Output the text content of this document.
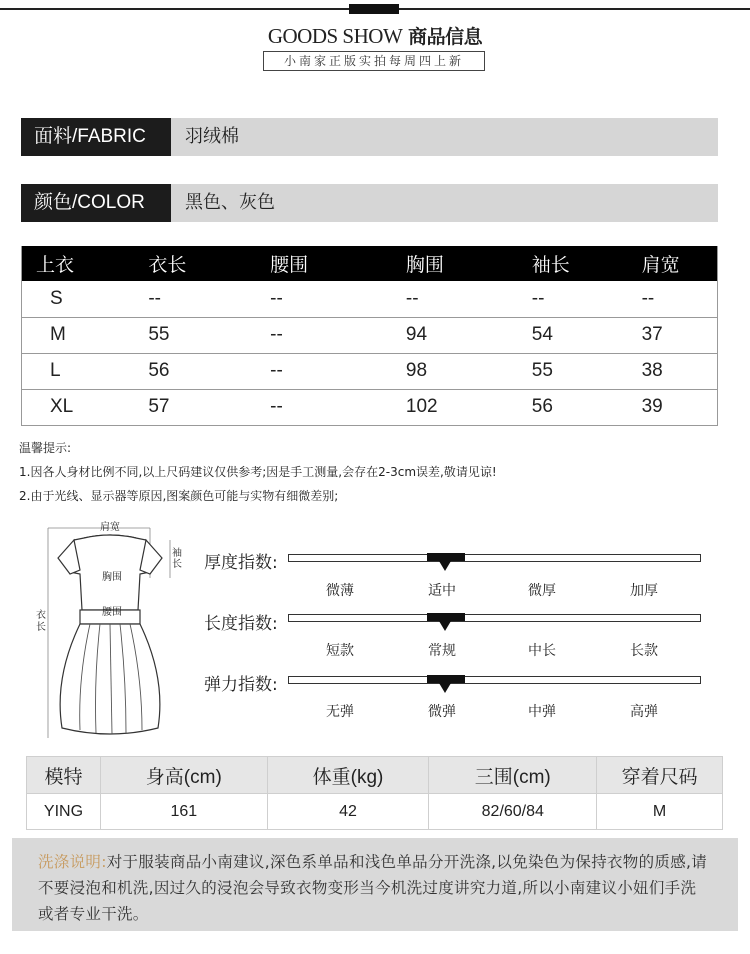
GOODS SHOW 商品信息
小南家正版实拍每周四上新
面料/FABRIC	羽绒棉
颜色/COLOR	黑色、灰色
上衣	衣长	腰围	胸围	袖长	肩宽
S	--	--	--	--	--
M	55	--	94	54	37
L	56	--	98	55	38
XL	57	--	102	56	39
温馨提示:
1.因各人身材比例不同,以上尺码建议仅供参考;因是手工测量,会存在2-3cm误差,敬请见谅!
2.由于光线、显示器等原因,图案颜色可能与实物有细微差别;
肩宽
袖长
胸围
腰围
衣长
厚度指数:
微薄	适中	微厚	加厚
长度指数:
短款	常规	中长	长款
弹力指数:
无弹	微弹	中弹	高弹
模特	身高(cm)	体重(kg)	三围(cm)	穿着尺码
YING	161	42	82/60/84	M
洗涤说明:对于服装商品小南建议,深色系单品和浅色单品分开洗涤,以免染色为保持衣物的质感,请不要浸泡和机洗,因过久的浸泡会导致衣物变形当今机洗过度讲究力道,所以小南建议小妞们手洗或者专业干洗。
